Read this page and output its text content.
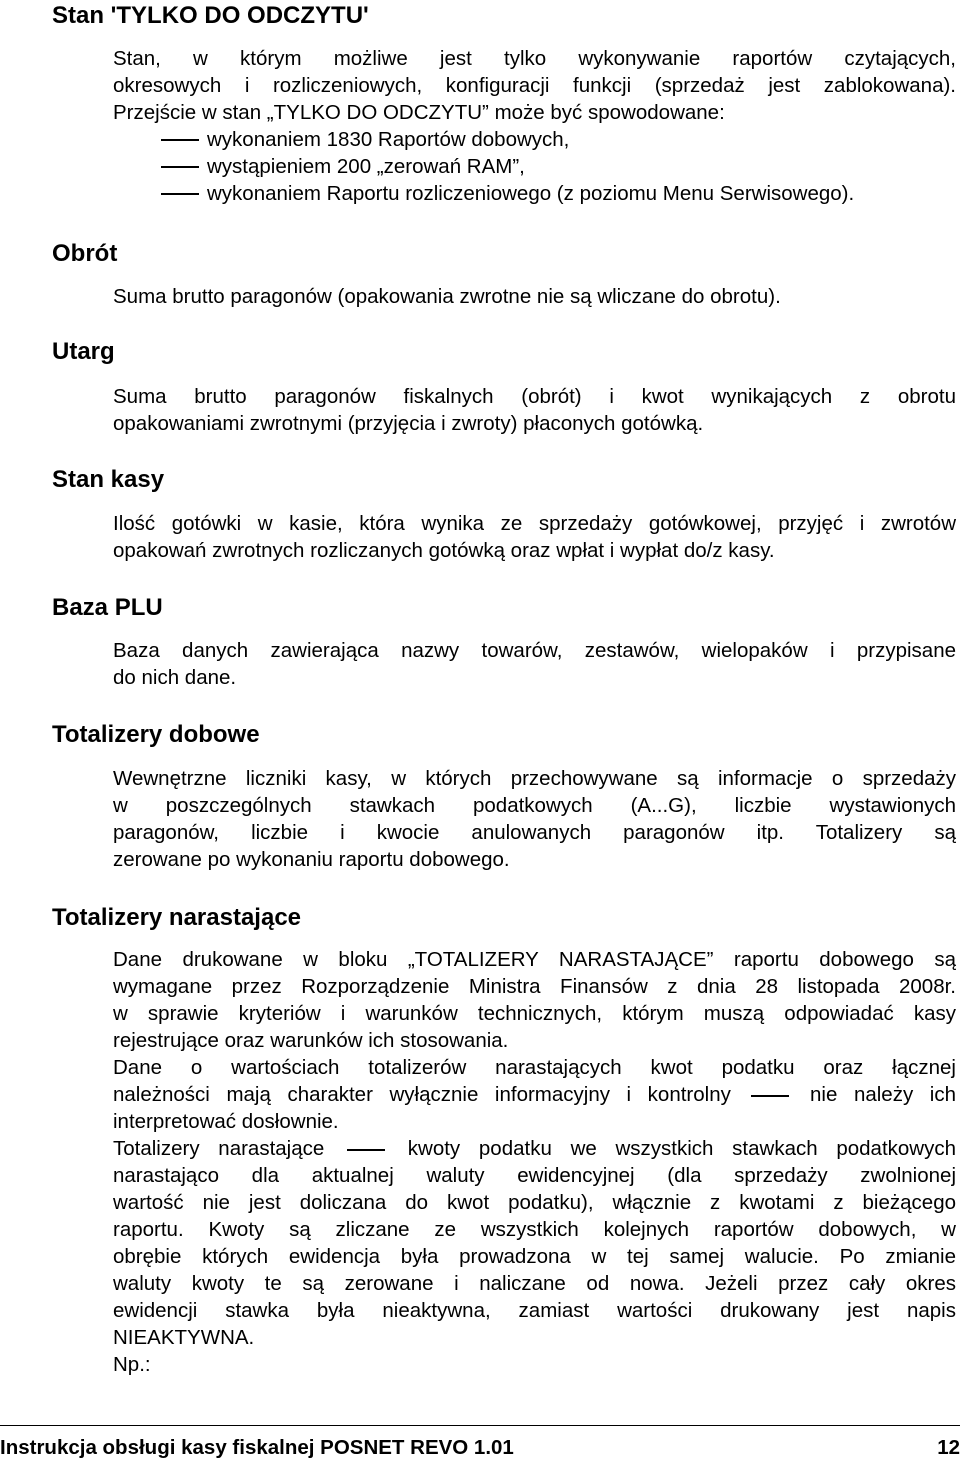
Stan 'TYLKO DO ODCZYTU'
Stan, w którym możliwe jest tylko wykonywanie raportów czytających,
okresowych i rozliczeniowych, konfiguracji funkcji (sprzedaż jest zablokowana).
Przejście w stan „TYLKO DO ODCZYTU” może być spowodowane:
wykonaniem 1830 Raportów dobowych,
wystąpieniem 200 „zerowań RAM”,
wykonaniem Raportu rozliczeniowego (z poziomu Menu Serwisowego).
Obrót
Suma brutto paragonów (opakowania zwrotne nie są wliczane do obrotu).
Utarg
Suma brutto paragonów fiskalnych (obrót) i kwot wynikających z obrotu
opakowaniami zwrotnymi (przyjęcia i zwroty) płaconych gotówką.
Stan kasy
Ilość gotówki w kasie, która wynika ze sprzedaży gotówkowej, przyjęć i zwrotów
opakowań zwrotnych rozliczanych gotówką oraz wpłat i wypłat do/z kasy.
Baza PLU
Baza danych zawierająca nazwy towarów, zestawów, wielopaków i przypisane
do nich dane.
Totalizery dobowe
Wewnętrzne liczniki kasy, w których przechowywane są informacje o sprzedaży
w poszczególnych stawkach podatkowych (A...G), liczbie wystawionych
paragonów, liczbie i kwocie anulowanych paragonów itp. Totalizery są
zerowane po wykonaniu raportu dobowego.
Totalizery narastające
Dane drukowane w bloku „TOTALIZERY NARASTAJĄCE” raportu dobowego są
wymagane przez Rozporządzenie Ministra Finansów z dnia 28 listopada 2008r.
w sprawie kryteriów i warunków technicznych, którym muszą odpowiadać kasy
rejestrujące oraz warunków ich stosowania.
Dane o wartościach totalizerów narastających kwot podatku oraz łącznej
należności mają charakter wyłącznie informacyjny i kontrolny	nie należy ich
interpretować dosłownie.
Totalizery narastające	kwoty podatku we wszystkich stawkach podatkowych
narastająco dla aktualnej waluty ewidencyjnej (dla sprzedaży zwolnionej
wartość nie jest doliczana do kwot podatku), włącznie z kwotami z bieżącego
raportu. Kwoty są zliczane ze wszystkich kolejnych raportów dobowych, w
obrębie których ewidencja była prowadzona w tej samej walucie. Po zmianie
waluty kwoty te są zerowane i naliczane od nowa. Jeżeli przez cały okres
ewidencji stawka była nieaktywna, zamiast wartości drukowany jest napis
NIEAKTYWNA.
Np.:
Instrukcja obsługi kasy fiskalnej POSNET REVO 1.01	12
